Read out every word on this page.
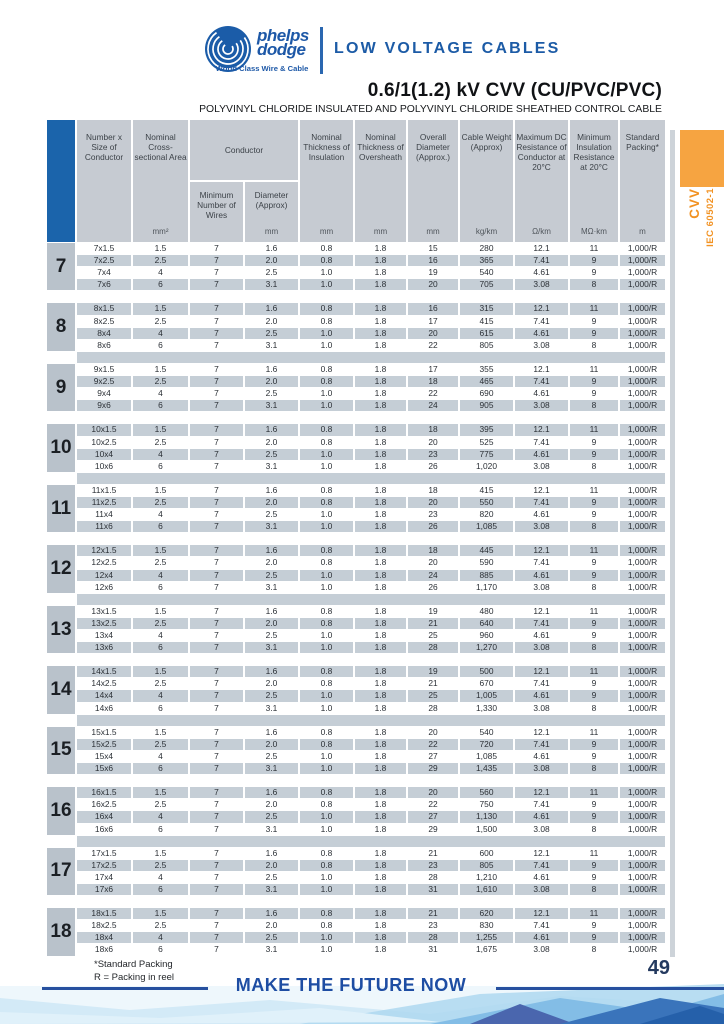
phelps
dodge
World Class Wire & Cable
LOW VOLTAGE CABLES
0.6/1(1.2) kV CVV (CU/PVC/PVC)
POLYVINYL CHLORIDE INSULATED AND POLYVINYL CHLORIDE SHEATHED CONTROL CABLE
CVV IEC 60502-1
Number x Size of Conductor
Nominal Cross- sectional Area
mm²
Conductor
Minimum Number of Wires
Diameter (Approx)
mm
Nominal Thickness of Insulation
mm
Nominal Thickness of Oversheath
mm
Overall Diameter (Approx.)
mm
Cable Weight (Approx)
kg/km
Maximum DC Resistance of Conductor at 20°C
Ω/km
Minimum Insulation Resistance at 20°C
MΩ·km
Standard Packing*
m
7
7x1.5	1.5	7	1.6	0.8	1.8	15	280	12.1	11	1,000/R
7x2.5	2.5	7	2.0	0.8	1.8	16	365	7.41	9	1,000/R
7x4	4	7	2.5	1.0	1.8	19	540	4.61	9	1,000/R
7x6	6	7	3.1	1.0	1.8	20	705	3.08	8	1,000/R
8
8x1.5	1.5	7	1.6	0.8	1.8	16	315	12.1	11	1,000/R
8x2.5	2.5	7	2.0	0.8	1.8	17	415	7.41	9	1,000/R
8x4	4	7	2.5	1.0	1.8	20	615	4.61	9	1,000/R
8x6	6	7	3.1	1.0	1.8	22	805	3.08	8	1,000/R
9
9x1.5	1.5	7	1.6	0.8	1.8	17	355	12.1	11	1,000/R
9x2.5	2.5	7	2.0	0.8	1.8	18	465	7.41	9	1,000/R
9x4	4	7	2.5	1.0	1.8	22	690	4.61	9	1,000/R
9x6	6	7	3.1	1.0	1.8	24	905	3.08	8	1,000/R
10
10x1.5	1.5	7	1.6	0.8	1.8	18	395	12.1	11	1,000/R
10x2.5	2.5	7	2.0	0.8	1.8	20	525	7.41	9	1,000/R
10x4	4	7	2.5	1.0	1.8	23	775	4.61	9	1,000/R
10x6	6	7	3.1	1.0	1.8	26	1,020	3.08	8	1,000/R
11
11x1.5	1.5	7	1.6	0.8	1.8	18	415	12.1	11	1,000/R
11x2.5	2.5	7	2.0	0.8	1.8	20	550	7.41	9	1,000/R
11x4	4	7	2.5	1.0	1.8	23	820	4.61	9	1,000/R
11x6	6	7	3.1	1.0	1.8	26	1,085	3.08	8	1,000/R
12
12x1.5	1.5	7	1.6	0.8	1.8	18	445	12.1	11	1,000/R
12x2.5	2.5	7	2.0	0.8	1.8	20	590	7.41	9	1,000/R
12x4	4	7	2.5	1.0	1.8	24	885	4.61	9	1,000/R
12x6	6	7	3.1	1.0	1.8	26	1,170	3.08	8	1,000/R
13
13x1.5	1.5	7	1.6	0.8	1.8	19	480	12.1	11	1,000/R
13x2.5	2.5	7	2.0	0.8	1.8	21	640	7.41	9	1,000/R
13x4	4	7	2.5	1.0	1.8	25	960	4.61	9	1,000/R
13x6	6	7	3.1	1.0	1.8	28	1,270	3.08	8	1,000/R
14
14x1.5	1.5	7	1.6	0.8	1.8	19	500	12.1	11	1,000/R
14x2.5	2.5	7	2.0	0.8	1.8	21	670	7.41	9	1,000/R
14x4	4	7	2.5	1.0	1.8	25	1,005	4.61	9	1,000/R
14x6	6	7	3.1	1.0	1.8	28	1,330	3.08	8	1,000/R
15
15x1.5	1.5	7	1.6	0.8	1.8	20	540	12.1	11	1,000/R
15x2.5	2.5	7	2.0	0.8	1.8	22	720	7.41	9	1,000/R
15x4	4	7	2.5	1.0	1.8	27	1,085	4.61	9	1,000/R
15x6	6	7	3.1	1.0	1.8	29	1,435	3.08	8	1,000/R
16
16x1.5	1.5	7	1.6	0.8	1.8	20	560	12.1	11	1,000/R
16x2.5	2.5	7	2.0	0.8	1.8	22	750	7.41	9	1,000/R
16x4	4	7	2.5	1.0	1.8	27	1,130	4.61	9	1,000/R
16x6	6	7	3.1	1.0	1.8	29	1,500	3.08	8	1,000/R
17
17x1.5	1.5	7	1.6	0.8	1.8	21	600	12.1	11	1,000/R
17x2.5	2.5	7	2.0	0.8	1.8	23	805	7.41	9	1,000/R
17x4	4	7	2.5	1.0	1.8	28	1,210	4.61	9	1,000/R
17x6	6	7	3.1	1.0	1.8	31	1,610	3.08	8	1,000/R
18
18x1.5	1.5	7	1.6	0.8	1.8	21	620	12.1	11	1,000/R
18x2.5	2.5	7	2.0	0.8	1.8	23	830	7.41	9	1,000/R
18x4	4	7	2.5	1.0	1.8	28	1,255	4.61	9	1,000/R
18x6	6	7	3.1	1.0	1.8	31	1,675	3.08	8	1,000/R
*Standard Packing
R = Packing in reel	MAKE THE FUTURE NOW
49
